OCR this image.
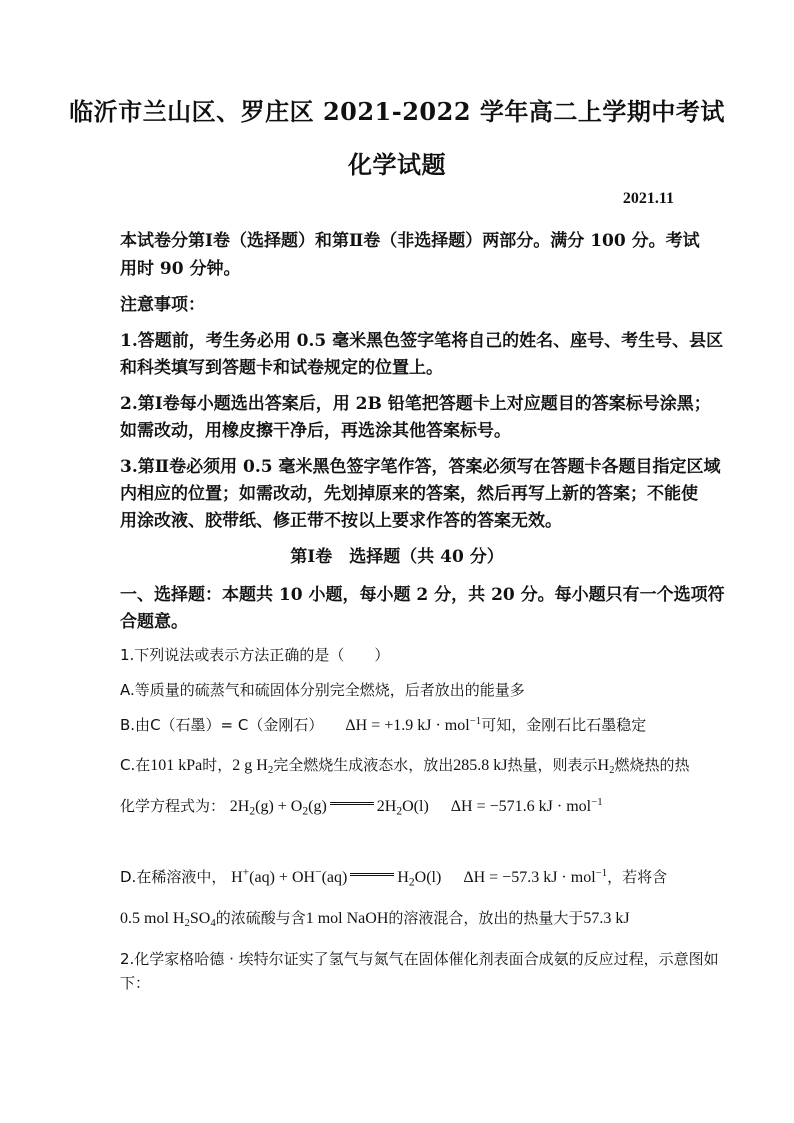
临沂市兰山区、罗庄区 2021-2022 学年高二上学期中考试
化学试题
2021.11
本试卷分第Ⅰ卷（选择题）和第Ⅱ卷（非选择题）两部分。满分 100 分。考试
用时 90 分钟。
注意事项：
1.答题前，考生务必用 0.5 毫米黑色签字笔将自己的姓名、座号、考生号、县区
和科类填写到答题卡和试卷规定的位置上。
2.第Ⅰ卷每小题选出答案后，用 2B 铅笔把答题卡上对应题目的答案标号涂黑；
如需改动，用橡皮擦干净后，再选涂其他答案标号。
3.第Ⅱ卷必须用 0.5 毫米黑色签字笔作答，答案必须写在答题卡各题目指定区域
内相应的位置；如需改动，先划掉原来的答案，然后再写上新的答案；不能使
用涂改液、胶带纸、修正带不按以上要求作答的答案无效。
第Ⅰ卷　选择题（共 40 分）
一、选择题：本题共 10 小题，每小题 2 分，共 20 分。每小题只有一个选项符
合题意。
1.下列说法或表示方法正确的是（　　）
A.等质量的硫蒸气和硫固体分别完全燃烧，后者放出的能量多
B.由C（石墨）= C（金刚石） ΔH = +1.9 kJ · mol$^{-1}$可知，金刚石比石墨稳定
C.在101 kPa时，2 g $H_2$完全燃烧生成液态水，放出285.8 kJ热量，则表示$H_2$燃烧热的热
化学方程式为： $2H_2(g) + O_2(g)$	$2H_2O(l) \Delta H = -571.6$ kJ · mol$^{-1}$
D.在稀溶液中， H+(aq) + OH−(aq)	$H_2O(l) \Delta H = -57.3$ kJ · mol$^{-1}$，若将含
0.5 mol $H_2SO_4$的浓硫酸与含1 mol NaOH的溶液混合，放出的热量大于57.3 kJ
2.化学家格哈德 · 埃特尔证实了氢气与氮气在固体催化剂表面合成氨的反应过程，示意图如
下：
